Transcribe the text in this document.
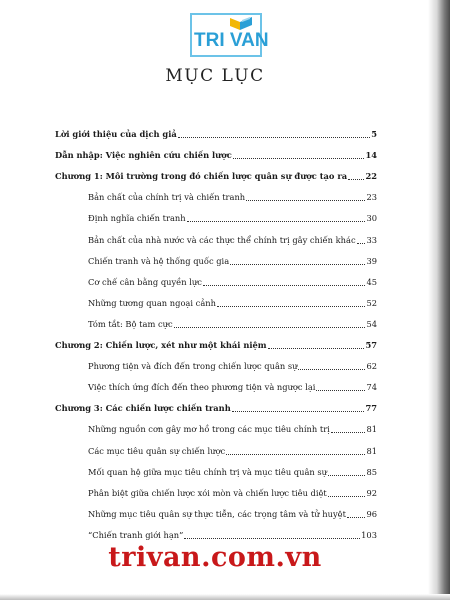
TRI VAN
MỤC LỤC
Lời giới thiệu của dịch giả	5
Dẫn nhập: Việc nghiên cứu chiến lược	14
Chương 1: Môi trường trong đó chiến lược quân sự được tạo ra 22
Bản chất của chính trị và chiến tranh	23
Định nghĩa chiến tranh	30
Bản chất của nhà nước và các thực thể chính trị gây chiến khác 33
Chiến tranh và hệ thống quốc gia	39
Cơ chế cân bằng quyền lực	45
Những tương quan ngoại cảnh	52
Tóm tắt: Bộ tam cực	54
Chương 2: Chiến lược, xét như một khái niệm	57
Phương tiện và đích đến trong chiến lược quân sự	62
Việc thích ứng đích đến theo phương tiện và ngược lại	74
Chương 3: Các chiến lược chiến tranh	77
Những nguồn cơn gây mơ hồ trong các mục tiêu chính trị	81
Các mục tiêu quân sự chiến lược	81
Mối quan hệ giữa mục tiêu chính trị và mục tiêu quân sự	85
Phân biệt giữa chiến lược xói mòn và chiến lược tiêu diệt	92
Những mục tiêu quân sự thực tiễn, các trọng tâm và tử huyệt 96
“Chiến tranh giới hạn”	103
trivan.com.vn
